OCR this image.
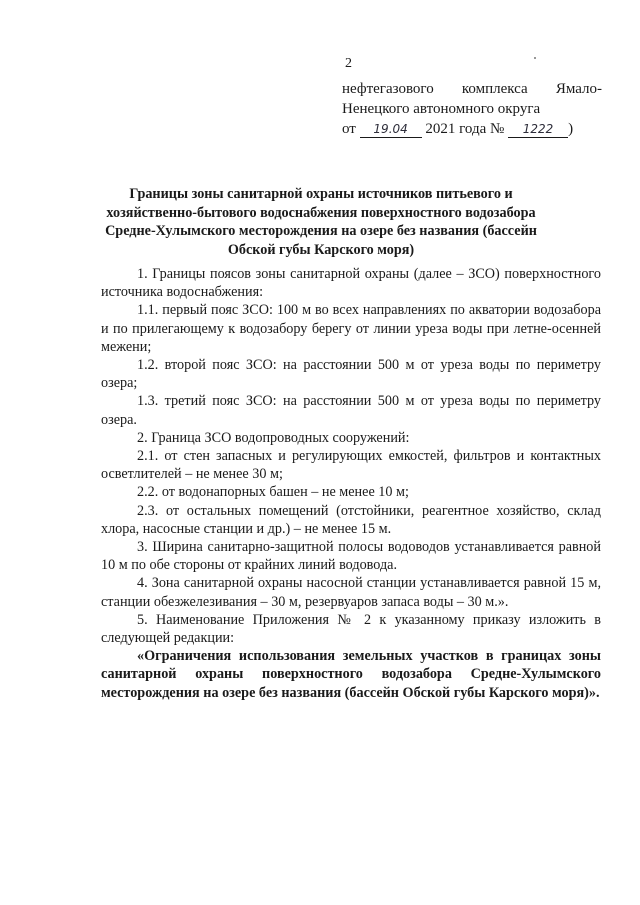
2
нефтегазового комплекса Ямало-
Ненецкого автономного округа
от 19.04 2021 года № 1222 )
Границы зоны санитарной охраны источников питьевого и хозяйственно-бытового водоснабжения поверхностного водозабора Средне-Хулымского месторождения на озере без названия (бассейн Обской губы Карского моря)

1. Границы поясов зоны санитарной охраны (далее – ЗСО) поверхностного источника водоснабжения:

1.1. первый пояс ЗСО: 100 м во всех направлениях по акватории водозабора и по прилегающему к водозабору берегу от линии уреза воды при летне-осенней межени;

1.2. второй пояс ЗСО: на расстоянии 500 м от уреза воды по периметру озера;

1.3. третий пояс ЗСО: на расстоянии 500 м от уреза воды по периметру озера.

2. Граница ЗСО водопроводных сооружений:

2.1. от стен запасных и регулирующих емкостей, фильтров и контактных осветлителей – не менее 30 м;

2.2. от водонапорных башен – не менее 10 м;

2.3. от остальных помещений (отстойники, реагентное хозяйство, склад хлора, насосные станции и др.) – не менее 15 м.

3. Ширина санитарно-защитной полосы водоводов устанавливается равной 10 м по обе стороны от крайних линий водовода.

4. Зона санитарной охраны насосной станции устанавливается равной 15 м, станции обезжелезивания – 30 м, резервуаров запаса воды – 30 м.».

5. Наименование Приложения № 2 к указанному приказу изложить в следующей редакции:

«Ограничения использования земельных участков в границах зоны санитарной охраны поверхностного водозабора Средне-Хулымского месторождения на озере без названия (бассейн Обской губы Карского моря)».
